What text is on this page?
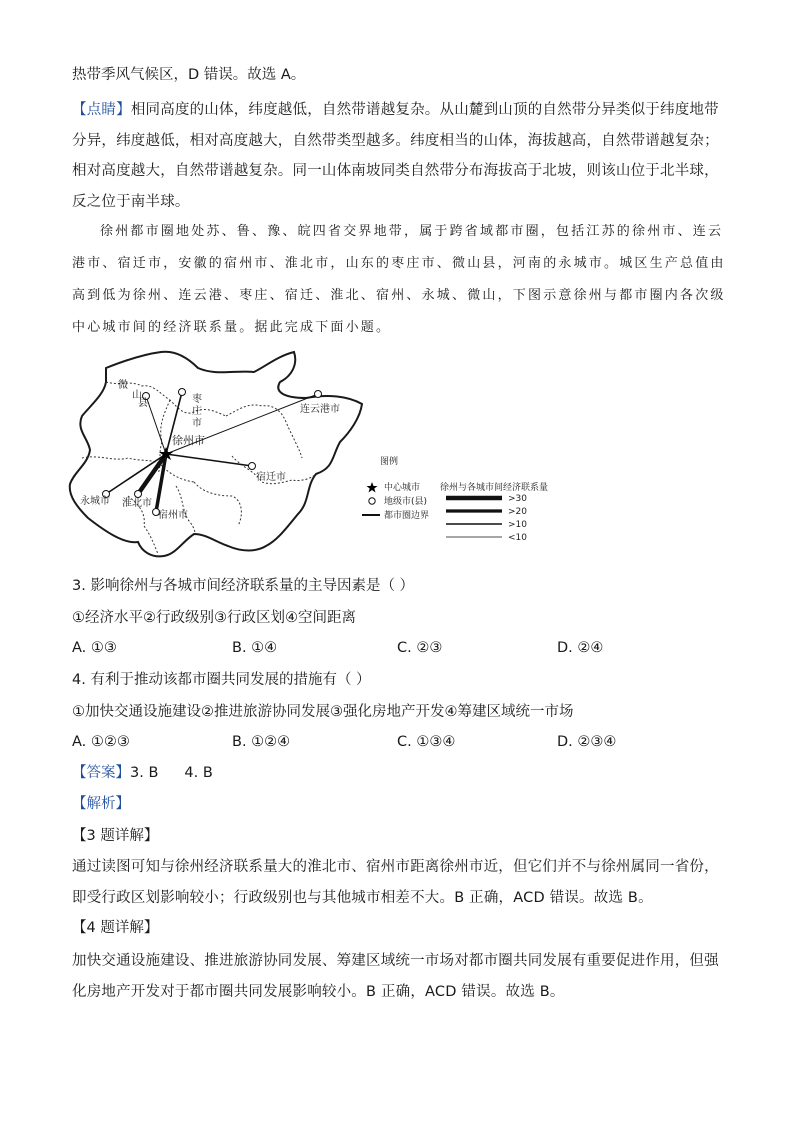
热带季风气候区，D 错误。故选 A。
【点睛】相同高度的山体，纬度越低，自然带谱越复杂。从山麓到山顶的自然带分异类似于纬度地带分异，纬度越低，相对高度越大，自然带类型越多。纬度相当的山体，海拔越高，自然带谱越复杂；相对高度越大，自然带谱越复杂。同一山体南坡同类自然带分布海拔高于北坡，则该山位于北半球，反之位于南半球。
徐州都市圈地处苏、鲁、豫、皖四省交界地带，属于跨省域都市圈，包括江苏的徐州市、连云港市、宿迁市，安徽的宿州市、淮北市，山东的枣庄市、微山县，河南的永城市。城区生产总值由高到低为徐州、连云港、枣庄、宿迁、淮北、宿州、永城、微山，下图示意徐州与都市圈内各次级中心城市间的经济联系量。据此完成下面小题。
微
山
县	枣
庄
市
连云港市
徐州市
宿迁市
永城市 淮北市
宿州市
图例
中心城市
地级市(县)
都市圈边界
徐州与各城市间经济联系量
>30
>20
>10
<10
3. 影响徐州与各城市间经济联系量的主导因素是（ ）
①经济水平②行政级别③行政区划④空间距离
A. ①③	B. ①④	C. ②③	D. ②④
4. 有利于推动该都市圈共同发展的措施有（ ）
①加快交通设施建设②推进旅游协同发展③强化房地产开发④筹建区域统一市场
A. ①②③	B. ①②④	C. ①③④	D. ②③④
【答案】3. B 4. B
【解析】
【3 题详解】
通过读图可知与徐州经济联系量大的淮北市、宿州市距离徐州市近，但它们并不与徐州属同一省份，即受行政区划影响较小；行政级别也与其他城市相差不大。B 正确，ACD 错误。故选 B。
【4 题详解】
加快交通设施建设、推进旅游协同发展、筹建区域统一市场对都市圈共同发展有重要促进作用，但强化房地产开发对于都市圈共同发展影响较小。B 正确，ACD 错误。故选 B。
